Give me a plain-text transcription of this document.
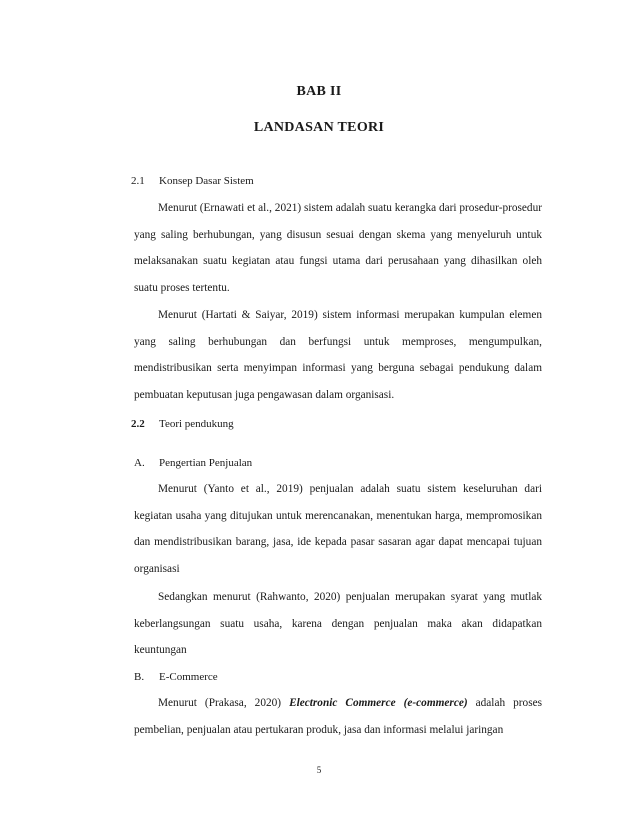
BAB II
LANDASAN TEORI
2.1 Konsep Dasar Sistem

Menurut (Ernawati et al., 2021) sistem adalah suatu kerangka dari prosedur-prosedur yang saling berhubungan, yang disusun sesuai dengan skema yang menyeluruh untuk melaksanakan suatu kegiatan atau fungsi utama dari perusahaan yang dihasilkan oleh suatu proses tertentu.

Menurut (Hartati & Saiyar, 2019) sistem informasi merupakan kumpulan elemen yang saling berhubungan dan berfungsi untuk memproses, mengumpulkan, mendistribusikan serta menyimpan informasi yang berguna sebagai pendukung dalam pembuatan keputusan juga pengawasan dalam organisasi.

2.2 Teori pendukung
A. Pengertian Penjualan

Menurut (Yanto et al., 2019) penjualan adalah suatu sistem keseluruhan dari kegiatan usaha yang ditujukan untuk merencanakan, menentukan harga, mempromosikan dan mendistribusikan barang, jasa, ide kepada pasar sasaran agar dapat mencapai tujuan organisasi

Sedangkan menurut (Rahwanto, 2020) penjualan merupakan syarat yang mutlak keberlangsungan suatu usaha, karena dengan penjualan maka akan didapatkan keuntungan

B. E-Commerce

Menurut (Prakasa, 2020) Electronic Commerce (e-commerce) adalah proses pembelian, penjualan atau pertukaran produk, jasa dan informasi melalui jaringan

5
